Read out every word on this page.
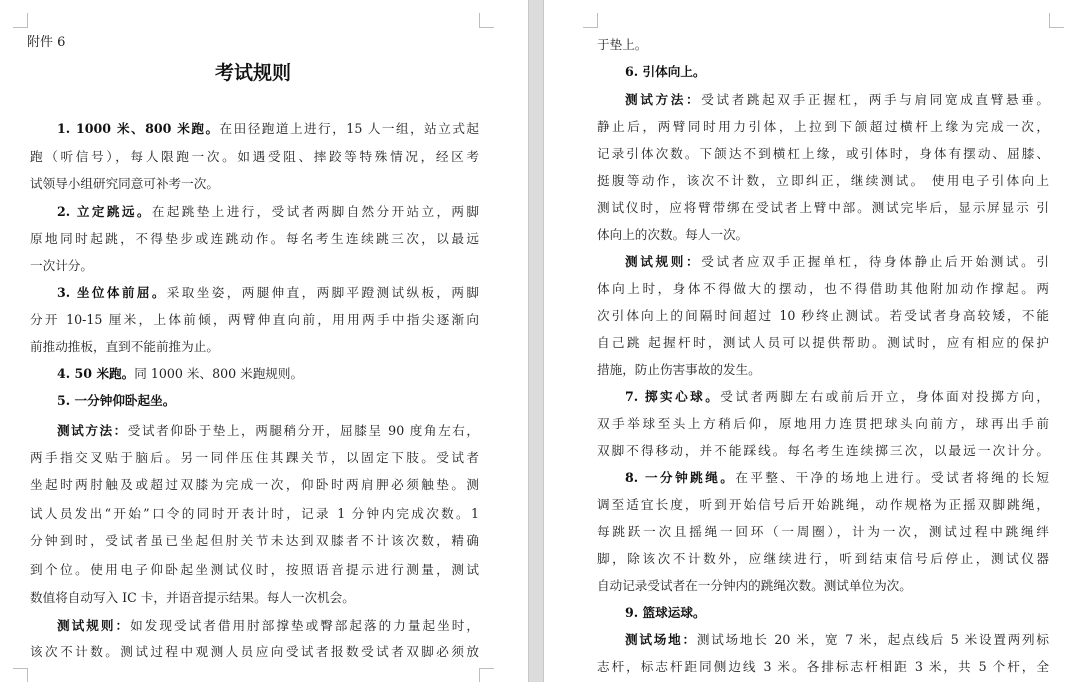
附件 6
考试规则
1. 1000 米、800 米跑。在田径跑道上进行，15 人一组，站立式起
跑（听信号），每人限跑一次。如遇受阻、摔跤等特殊情况，经区考
试领导小组研究同意可补考一次。
2. 立定跳远。在起跳垫上进行，受试者两脚自然分开站立，两脚
原地同时起跳，不得垫步或连跳动作。每名考生连续跳三次，以最远
一次计分。
3. 坐位体前屈。采取坐姿，两腿伸直，两脚平蹬测试纵板，两脚
分开 10-15 厘米，上体前倾，两臂伸直向前，用用两手中指尖逐渐向
前推动推板，直到不能前推为止。
4. 50 米跑。同 1000 米、800 米跑规则。
5. 一分钟仰卧起坐。
测试方法：受试者仰卧于垫上，两腿稍分开，屈膝呈 90 度角左右，
两手指交叉贴于脑后。另一同伴压住其踝关节，以固定下肢。受试者
坐起时两肘触及或超过双膝为完成一次，仰卧时两肩胛必须触垫。测
试人员发出“开始”口令的同时开表计时，记录 1 分钟内完成次数。1
分钟到时，受试者虽已坐起但肘关节未达到双膝者不计该次数，精确
到个位。使用电子仰卧起坐测试仪时，按照语音提示进行测量，测试
数值将自动写入 IC 卡，并语音提示结果。每人一次机会。
测试规则：如发现受试者借用肘部撑垫或臀部起落的力量起坐时，
该次不计数。测试过程中观测人员应向受试者报数受试者双脚必须放
于垫上。
6. 引体向上。
测试方法：受试者跳起双手正握杠，两手与肩同宽成直臂悬垂。
静止后，两臂同时用力引体，上拉到下颌超过横杆上缘为完成一次，
记录引体次数。下颌达不到横杠上缘，或引体时，身体有摆动、屈膝、
挺腹等动作，该次不计数，立即纠正，继续测试。 使用电子引体向上
测试仪时，应将臂带绑在受试者上臂中部。测试完毕后，显示屏显示 引
体向上的次数。每人一次。
测试规则：受试者应双手正握单杠，待身体静止后开始测试。引
体向上时，身体不得做大的摆动，也不得借助其他附加动作撑起。两
次引体向上的间隔时间超过 10 秒终止测试。若受试者身高较矮，不能
自己跳 起握杆时，测试人员可以提供帮助。测试时，应有相应的保护
措施，防止伤害事故的发生。
7. 掷实心球。受试者两脚左右或前后开立，身体面对投掷方向，
双手举球至头上方稍后仰，原地用力连贯把球头向前方，球再出手前
双脚不得移动，并不能踩线。每名考生连续掷三次，以最远一次计分。
8. 一分钟跳绳。在平整、干净的场地上进行。受试者将绳的长短
调至适宜长度，听到开始信号后开始跳绳，动作规格为正摇双脚跳绳，
每跳跃一次且摇绳一回环（一周圈），计为一次，测试过程中跳绳绊
脚，除该次不计数外，应继续进行，听到结束信号后停止，测试仪器
自动记录受试者在一分钟内的跳绳次数。测试单位为次。
9. 篮球运球。
测试场地：测试场地长 20 米，宽 7 米，起点线后 5 米设置两列标
志杆，标志杆距同侧边线 3 米。各排标志杆相距 3 米，共 5 个杆，全
